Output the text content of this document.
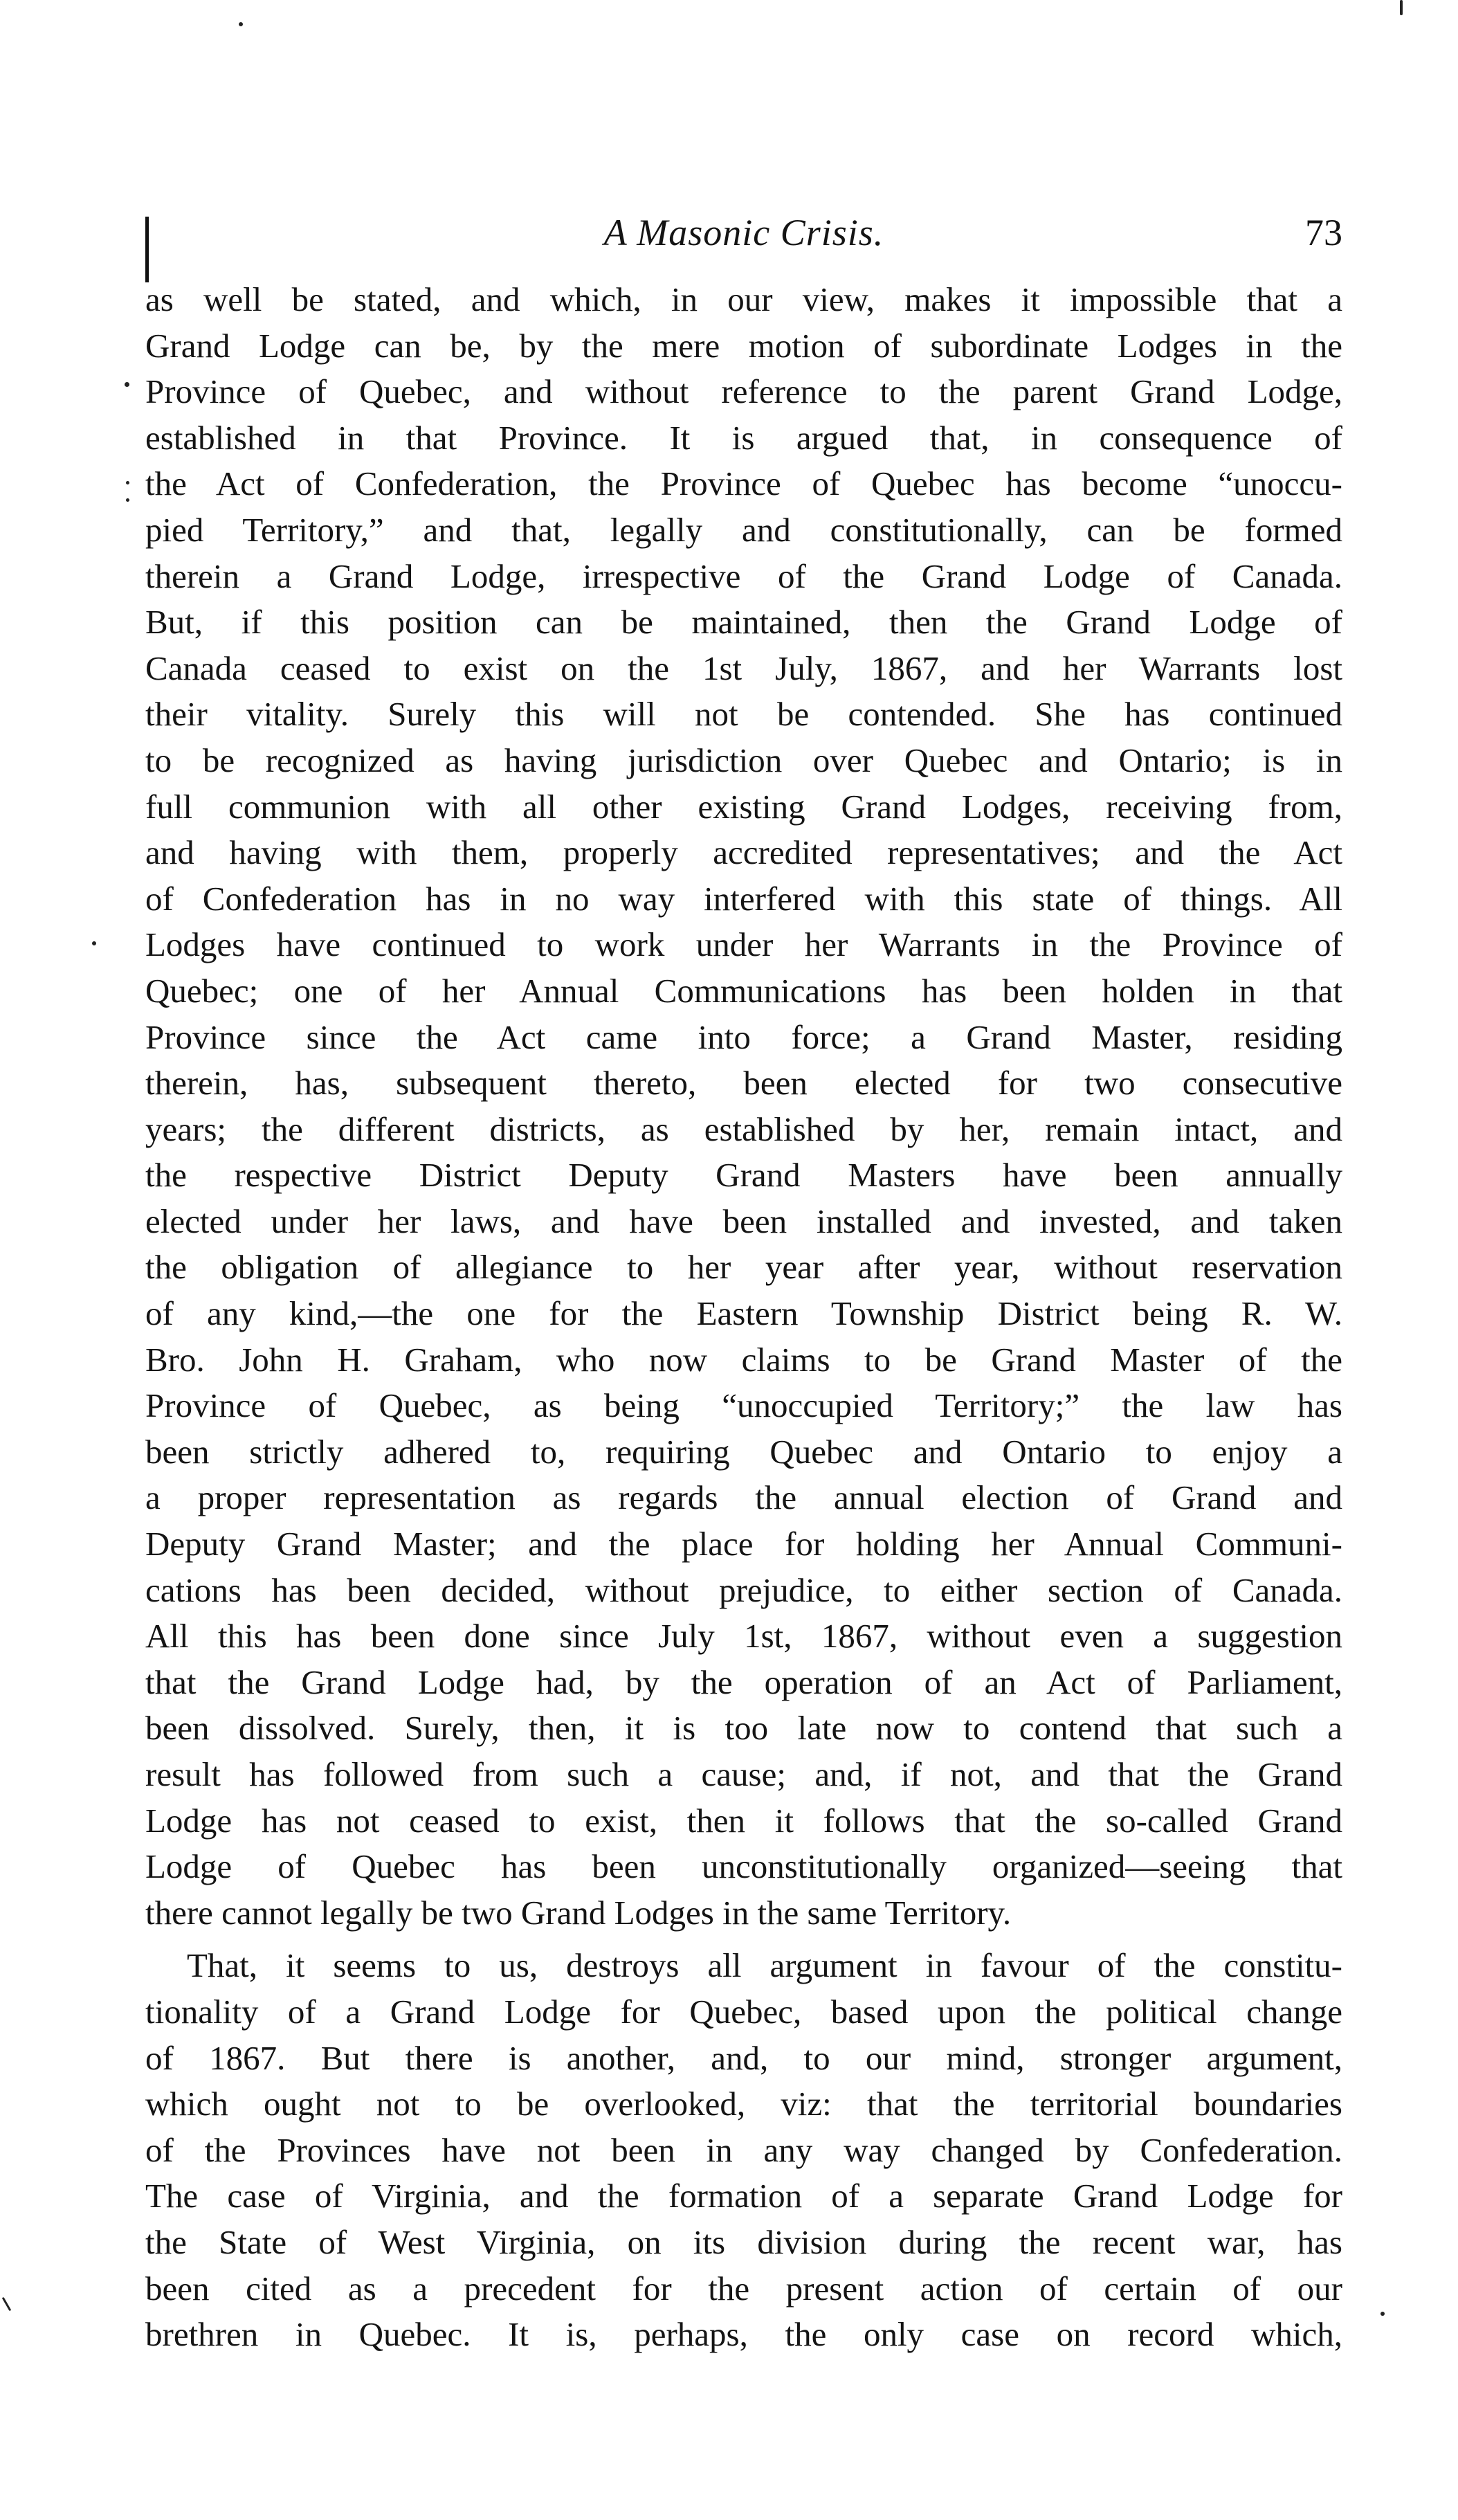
A Masonic Crisis.	73
as well be stated, and which, in our view, makes it impossible that a
Grand Lodge can be, by the mere motion of subordinate Lodges in the
Province of Quebec, and without reference to the parent Grand Lodge,
established in that Province. It is argued that, in consequence of
the Act of Confederation, the Province of Quebec has become “unoccu-
pied Territory,” and that, legally and constitutionally, can be formed
therein a Grand Lodge, irrespective of the Grand Lodge of Canada.
But, if this position can be maintained, then the Grand Lodge of
Canada ceased to exist on the 1st July, 1867, and her Warrants lost
their vitality. Surely this will not be contended. She has continued
to be recognized as having jurisdiction over Quebec and Ontario; is in
full communion with all other existing Grand Lodges, receiving from,
and having with them, properly accredited representatives; and the Act
of Confederation has in no way interfered with this state of things. All
Lodges have continued to work under her Warrants in the Province of
Quebec; one of her Annual Communications has been holden in that
Province since the Act came into force; a Grand Master, residing
therein, has, subsequent thereto, been elected for two consecutive
years; the different districts, as established by her, remain intact, and
the respective District Deputy Grand Masters have been annually
elected under her laws, and have been installed and invested, and taken
the obligation of allegiance to her year after year, without reservation
of any kind,—the one for the Eastern Township District being R. W.
Bro. John H. Graham, who now claims to be Grand Master of the
Province of Quebec, as being “unoccupied Territory;” the law has
been strictly adhered to, requiring Quebec and Ontario to enjoy a
a proper representation as regards the annual election of Grand and
Deputy Grand Master; and the place for holding her Annual Communi-
cations has been decided, without prejudice, to either section of Canada.
All this has been done since July 1st, 1867, without even a suggestion
that the Grand Lodge had, by the operation of an Act of Parliament,
been dissolved. Surely, then, it is too late now to contend that such a
result has followed from such a cause; and, if not, and that the Grand
Lodge has not ceased to exist, then it follows that the so-called Grand
Lodge of Quebec has been unconstitutionally organized—seeing that
there cannot legally be two Grand Lodges in the same Territory.
That, it seems to us, destroys all argument in favour of the constitu-
tionality of a Grand Lodge for Quebec, based upon the political change
of 1867. But there is another, and, to our mind, stronger argument,
which ought not to be overlooked, viz: that the territorial boundaries
of the Provinces have not been in any way changed by Confederation.
The case of Virginia, and the formation of a separate Grand Lodge for
the State of West Virginia, on its division during the recent war, has
been cited as a precedent for the present action of certain of our
brethren in Quebec. It is, perhaps, the only case on record which,
